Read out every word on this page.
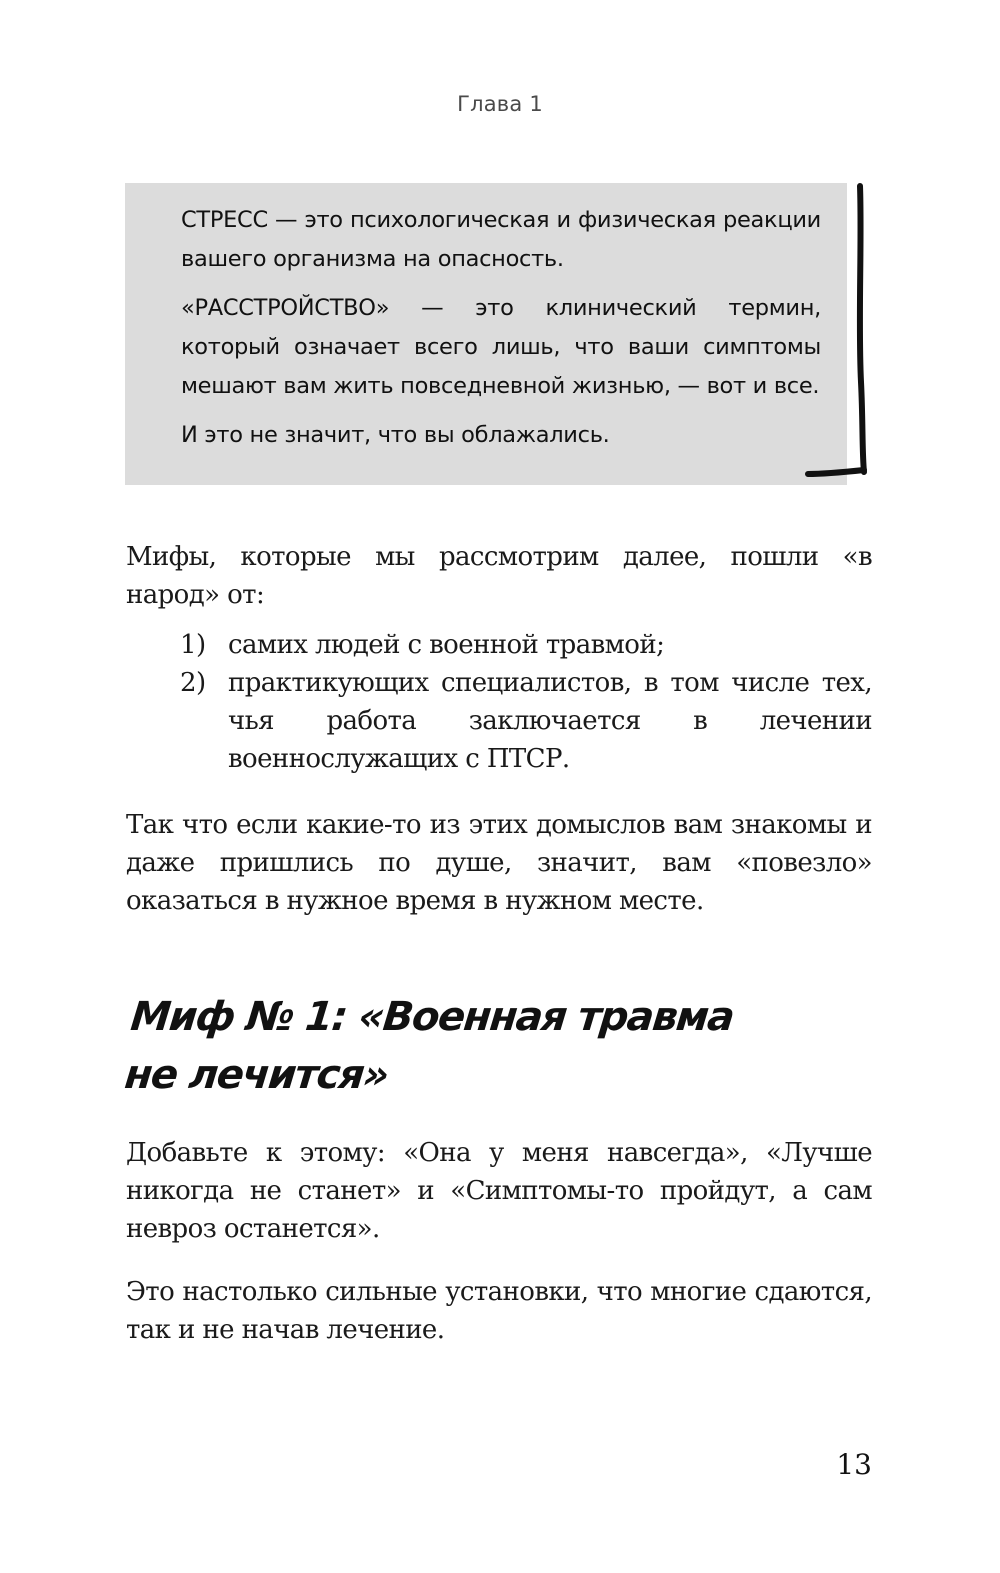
Глава 1

СТРЕСС — это психологическая и физическая реакции вашего организма на опасность.

«РАССТРОЙСТВО» — это клинический термин, который означает всего лишь, что ваши симптомы мешают вам жить повседневной жизнью, — вот и все.

И это не значит, что вы облажались.

Мифы, которые мы рассмотрим далее, пошли «в народ» от:

1) самих людей с военной травмой;
2) практикующих специалистов, в том числе тех, чья работа заключается в лечении военнослужащих с ПТСР.

Так что если какие-то из этих домыслов вам знакомы и даже пришлись по душе, значит, вам «повезло» оказаться в нужное время в нужном месте.

Миф № 1: «Военная травма
не лечится»

Добавьте к этому: «Она у меня навсегда», «Лучше никогда не станет» и «Симптомы-то пройдут, а сам невроз останется».

Это настолько сильные установки, что многие сдаются, так и не начав лечение.

13
